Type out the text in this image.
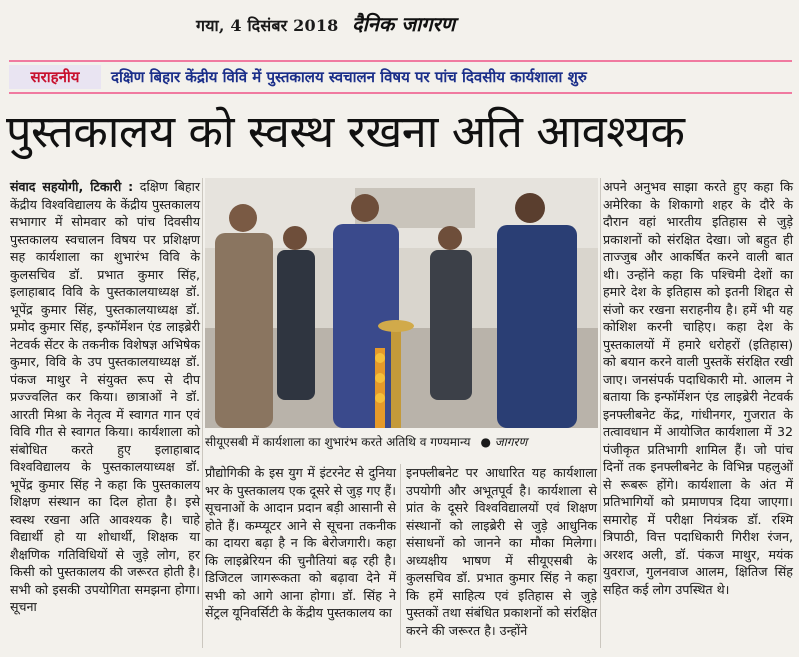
गया, 4 दिसंबर 2018 दैनिक जागरण
सराहनीय	दक्षिण बिहार केंद्रीय विवि में पुस्तकालय स्वचालन विषय पर पांच दिवसीय कार्यशाला शुरु
पुस्तकालय को स्वस्थ रखना अति आवश्यक

संवाद सहयोगी, टिकारी : दक्षिण बिहार केंद्रीय विश्वविद्यालय के केंद्रीय पुस्तकालय सभागार में सोमवार को पांच दिवसीय पुस्तकालय स्वचालन विषय पर प्रशिक्षण सह कार्यशाला का शुभारंभ विवि के कुलसचिव डॉ. प्रभात कुमार सिंह, इलाहाबाद विवि के पुस्तकालयाध्यक्ष डॉ. भूपेंद्र कुमार सिंह, पुस्तकालयाध्यक्ष डॉ. प्रमोद कुमार सिंह, इन्फॉर्मेशन एंड लाइब्रेरी नेटवर्क सेंटर के तकनीक विशेषज्ञ अभिषेक कुमार, विवि के उप पुस्तकालयाध्यक्ष डॉ. पंकज माथुर ने संयुक्त रूप से दीप प्रज्ज्वलित कर किया। छात्राओं ने डॉ. आरती मिश्रा के नेतृत्व में स्वागत गान एवं विवि गीत से स्वागत किया। कार्यशाला को संबोधित करते हुए इलाहाबाद विश्वविद्यालय के पुस्तकालयाध्यक्ष डॉ. भूपेंद्र कुमार सिंह ने कहा कि पुस्तकालय शिक्षण संस्थान का दिल होता है। इसे स्वस्थ रखना अति आवश्यक है। चाहे विद्यार्थी हो या शोधार्थी, शिक्षक या शैक्षणिक गतिविधियों से जुड़े लोग, हर किसी को पुस्तकालय की जरूरत होती है। सभी को इसकी उपयोगिता समझना होगा। सूचना

सीयूएसबी में कार्यशाला का शुभारंभ करते अतिथि व गण्यमान्य ● जागरण

प्रौद्योगिकी के इस युग में इंटरनेट से दुनिया भर के पुस्तकालय एक दूसरे से जुड़ गए हैं। सूचनाओं के आदान प्रदान बड़ी आसानी से होते हैं। कम्प्यूटर आने से सूचना तकनीक का दायरा बढ़ा है न कि बेरोजगारी। कहा कि लाइब्रेरियन की चुनौतियां बढ़ रही है। डिजिटल जागरूकता को बढ़ावा देने में सभी को आगे आना होगा। डॉ. सिंह ने सेंट्रल यूनिवर्सिटी के केंद्रीय पुस्तकालय का

इनफ्लीबनेट पर आधारित यह कार्यशाला उपयोगी और अभूतपूर्व है। कार्यशाला से प्रांत के दूसरे विश्वविद्यालयों एवं शिक्षण संस्थानों को लाइब्रेरी से जुड़े आधुनिक संसाधनों को जानने का मौका मिलेगा। अध्यक्षीय भाषण में सीयूएसबी के कुलसचिव डॉ. प्रभात कुमार सिंह ने कहा कि हमें साहित्य एवं इतिहास से जुड़े पुस्तकों तथा संबंधित प्रकाशनों को संरक्षित करने की जरूरत है। उन्होंने

अपने अनुभव साझा करते हुए कहा कि अमेरिका के शिकागो शहर के दौरे के दौरान वहां भारतीय इतिहास से जुड़े प्रकाशनों को संरक्षित देखा। जो बहुत ही ताज्जुब और आकर्षित करने वाली बात थी। उन्होंने कहा कि पश्चिमी देशों का हमारे देश के इतिहास को इतनी शिद्दत से संजो कर रखना सराहनीय है। हमें भी यह कोशिश करनी चाहिए। कहा देश के पुस्तकालयों में हमारे धरोहरों (इतिहास) को बयान करने वाली पुस्तकें संरक्षित रखी जाए। जनसंपर्क पदाधिकारी मो. आलम ने बताया कि इन्फॉर्मेशन एंड लाइब्रेरी नेटवर्क इनफ्लीबनेट केंद्र, गांधीनगर, गुजरात के तत्वावधान में आयोजित कार्यशाला में 32 पंजीकृत प्रतिभागी शामिल हैं। जो पांच दिनों तक इनफ्लीबनेट के विभिन्न पहलुओं से रूबरू होंगे। कार्यशाला के अंत में प्रतिभागियों को प्रमाणपत्र दिया जाएगा। समारोह में परीक्षा नियंत्रक डॉ. रश्मि त्रिपाठी, वित्त पदाधिकारी गिरीश रंजन, अरशद अली, डॉ. पंकज माथुर, मयंक युवराज, गुलनवाज आलम, क्षितिज सिंह सहित कई लोग उपस्थित थे।
